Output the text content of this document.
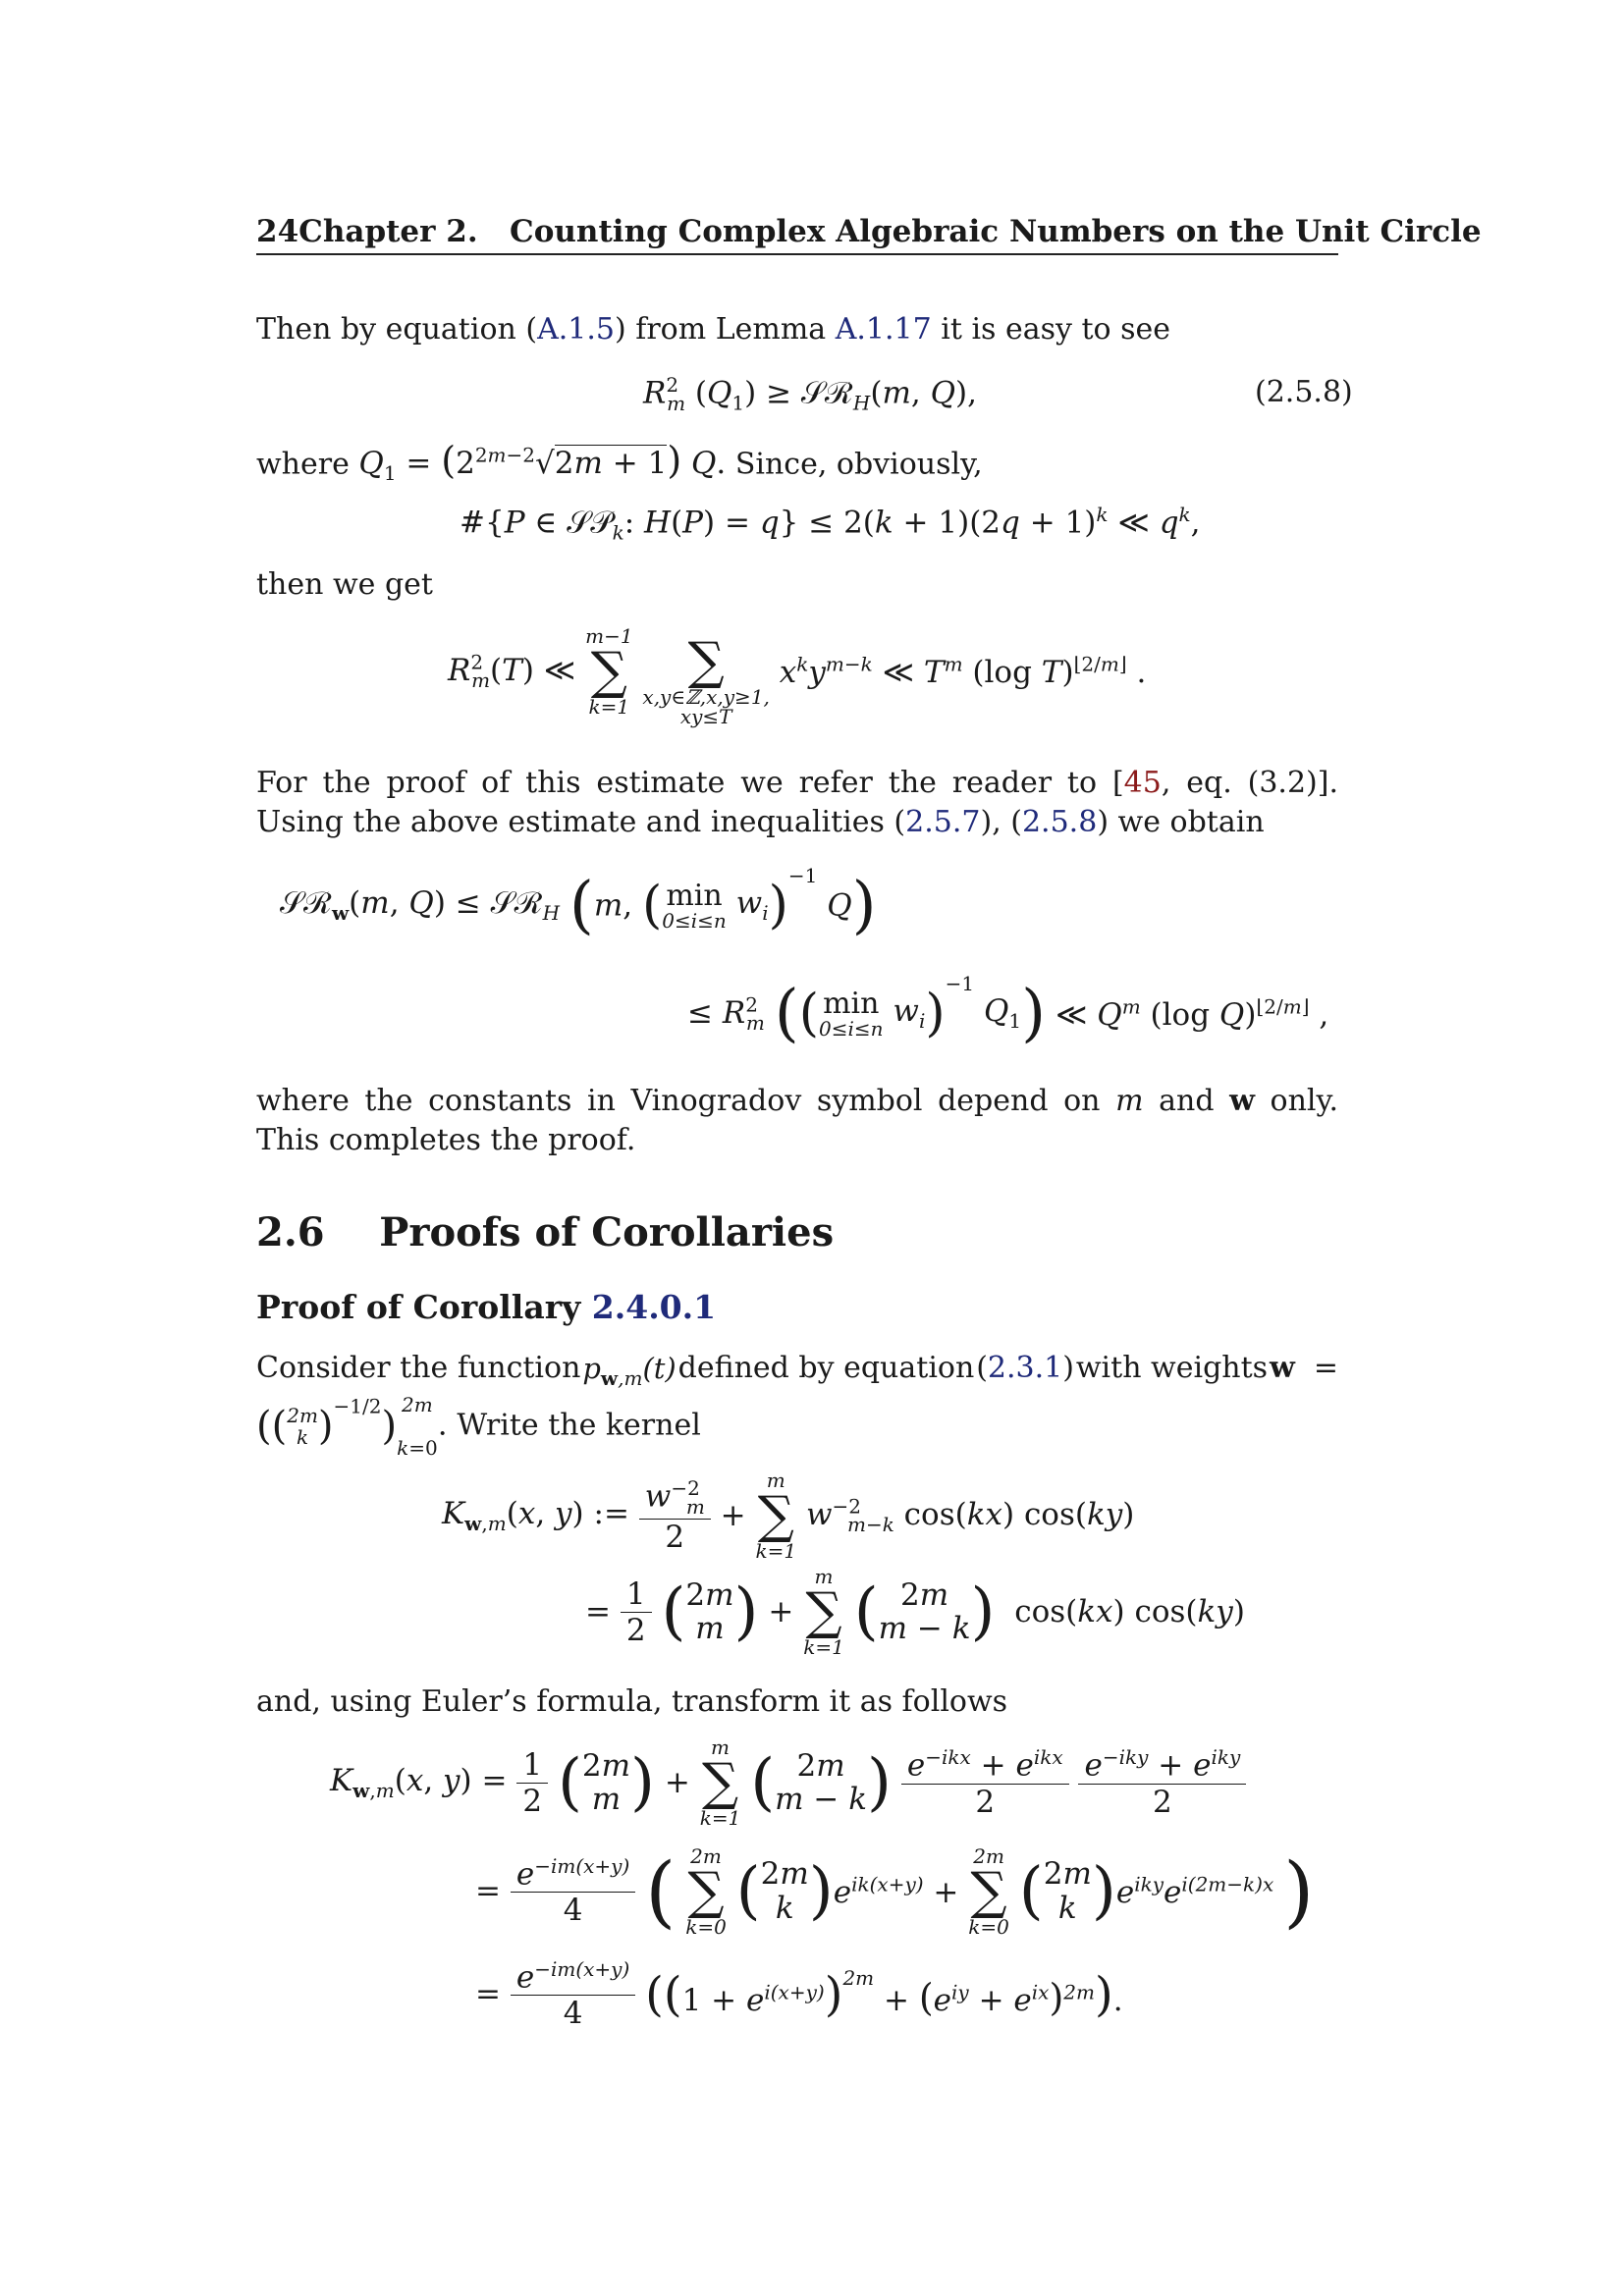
24Chapter 2. Counting Complex Algebraic Numbers on the Unit Circle
Then by equation (A.1.5) from Lemma A.1.17 it is easy to see
$R^2_m$ $(Q_1)$ ≥ 𝒮ℛ$_H$(m, Q),	(2.5.8)
where $Q_1 = (2^{2m-2}√2m + 1)$ Q. Since, obviously,
#{P ∈ 𝒮𝒫$_k$: $H(P) = q\} \le 2(k + 1)(2q + 1)^k$ ≪ $q^k$,
then we get
$R^2_m(T)$ ≪
m−1
∑
k=1

∑
x,y∈ℤ,x,y≥1,
xy≤T
$x^ky^{m-k}$ ≪ $T^m$ (log T)$^{⌊2/m⌋}$ .
For the proof of this estimate we refer the reader to [45, eq. (3.2)]. Using the above estimate and inequalities (2.5.7), (2.5.8) we obtain
𝒮ℛ$_w$(m, Q) ≤ 𝒮ℛ$_H$ (m, ( min
0≤i≤n $w_i)^{-1}$ Q)
≤ $R^2_m$ (( min
0≤i≤n $w_i)^{-1}$ $Q_1$) ≪ $Q^m$ (log Q)$^{⌊2/m⌋}$ ,
where the constants in Vinogradov symbol depend on m and w only. This completes the proof.
2.6 Proofs of Corollaries
Proof of Corollary 2.4.0.1
Consider the function $p_{w,m}(t)$ defined by equation (2.3.1) with weights w  =
((2m
k )$^{-1/2}$) 2m

k=0. Write the kernel
$K_{w,m}(x$, y) := $\frac{w^{-2}_m}{2}$ +
m
∑
k=1
$w^{-2}_{m-k}$ cos(kx) cos(ky)
= $\frac{1}{2} (2m$
m ) +
m
∑
k=1 ( 2m
m − k)  cos(kx) cos(ky)
and, using Euler’s formula, transform it as follows
$K_{w,m}(x$, $y) = \frac{1}{2} (2m$
m ) +
m
∑
k=1 ( 2m
$m - k) \frac{e^{-ikx} + e^{ikx}}{2}$
$\frac{e^{-iky} + e^{iky}}{2}$
= $\frac{e^{-im(x+y)}}{4}$ ( 2m
∑
k=0 (2m
k )$e^{ik(x+y)}$ +
2m
∑
k=0 (2m
k )$e^{iky}e^{i(2m-k)x}$ )
= $\frac{e^{-im(x+y)}}{4} ((1 + e^{i(x+y)})^{2m} + (e^{iy} + e^{ix})^{2m})$.
